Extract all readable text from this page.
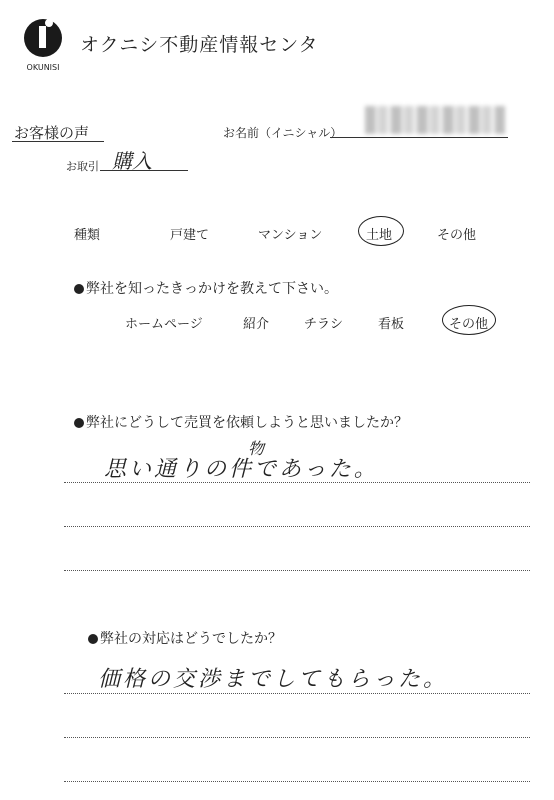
OKUNISI
オクニシ不動産情報センタ
お客様の声	お名前（イニシャル）
お取引 購入
種類	戸建て	マンション	土地	その他
弊社を知ったきっかけを教えて下さい。
ホームページ	紹介	チラシ	看板	その他
弊社にどうして売買を依頼しようと思いましたか？
物
思い通りの件であった。
弊社の対応はどうでしたか？
価格の交渉までしてもらった。
